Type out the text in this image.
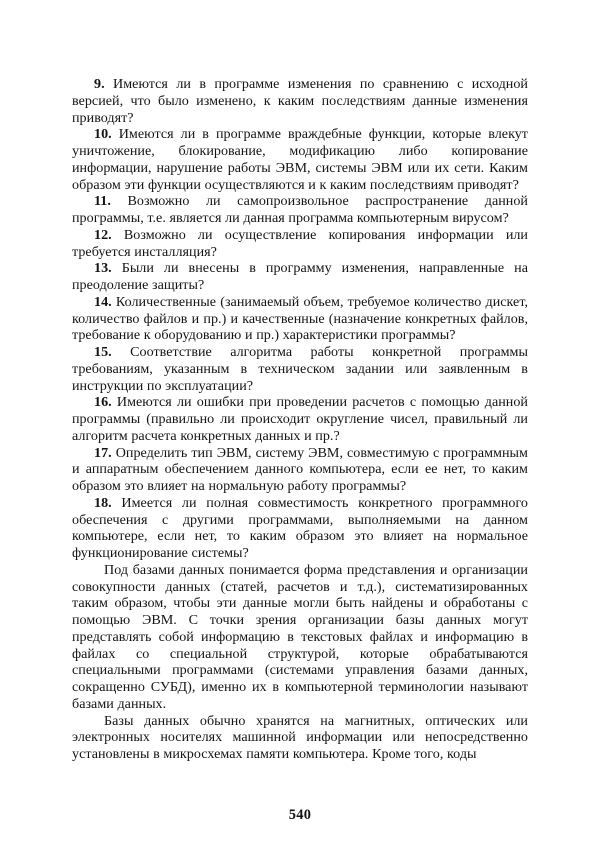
9. Имеются ли в программе изменения по сравнению с исходной версией, что было изменено, к каким последствиям данные изменения приводят?

10. Имеются ли в программе враждебные функции, которые влекут уничтожение, блокирование, модификацию либо копирование информации, нарушение работы ЭВМ, системы ЭВМ или их сети. Каким образом эти функции осуществляются и к каким последствиям приводят?

11. Возможно ли самопроизвольное распространение данной программы, т.е. является ли данная программа компьютерным вирусом?

12. Возможно ли осуществление копирования информации или требуется инсталляция?

13. Были ли внесены в программу изменения, направленные на преодоление защиты?

14. Количественные (занимаемый объем, требуемое количество дискет, количество файлов и пр.) и качественные (назначение конкретных файлов, требование к оборудованию и пр.) характеристики программы?

15. Соответствие алгоритма работы конкретной программы требованиям, указанным в техническом задании или заявленным в инструкции по эксплуатации?

16. Имеются ли ошибки при проведении расчетов с помощью данной программы (правильно ли происходит округление чисел, правильный ли алгоритм расчета конкретных данных и пр.?

17. Определить тип ЭВМ, систему ЭВМ, совместимую с программным и аппаратным обеспечением данного компьютера, если ее нет, то каким образом это влияет на нормальную работу программы?

18. Имеется ли полная совместимость конкретного программного обеспечения с другими программами, выполняемыми на данном компьютере, если нет, то каким образом это влияет на нормальное функционирование системы?

Под базами данных понимается форма представления и организации совокупности данных (статей, расчетов и т.д.), систематизированных таким образом, чтобы эти данные могли быть найдены и обработаны с помощью ЭВМ. С точки зрения организации базы данных могут представлять собой информацию в текстовых файлах и информацию в файлах со специальной структурой, которые обрабатываются специальными программами (системами управления базами данных, сокращенно СУБД), именно их в компьютерной терминологии называют базами данных.

Базы данных обычно хранятся на магнитных, оптических или электронных носителях машинной информации или непосредственно установлены в микросхемах памяти компьютера. Кроме того, коды

540
